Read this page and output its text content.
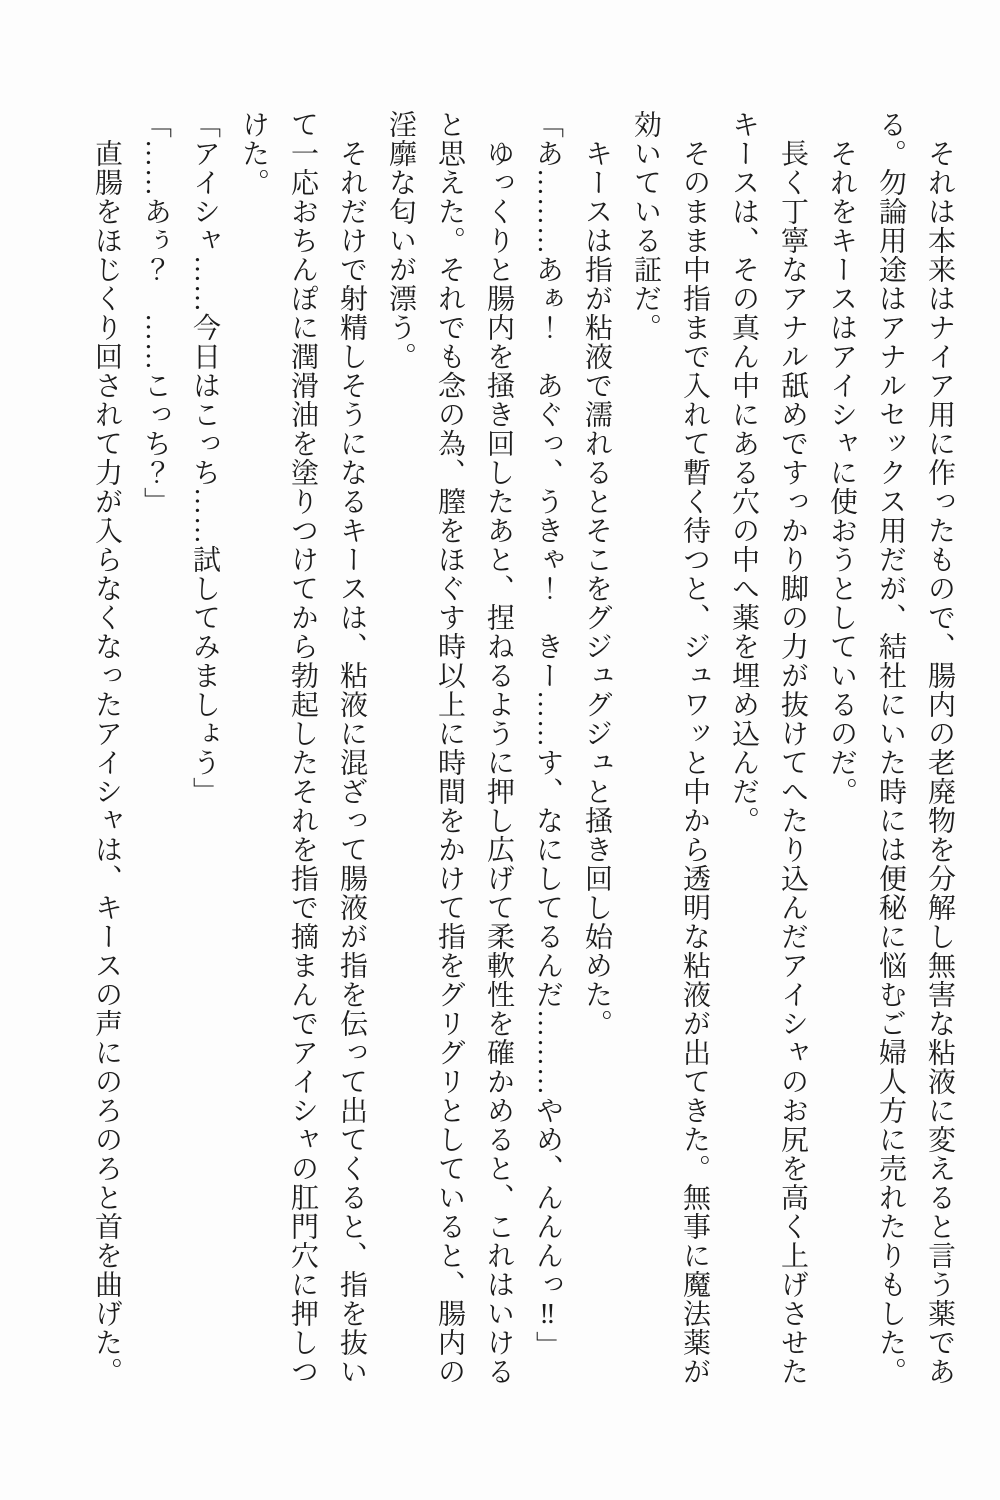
　それは本来はナイア用に作ったもので、腸内の老廃物を分解し無害な粘液に変えると言う薬であ
る。勿論用途はアナルセックス用だが、結社にいた時には便秘に悩むご婦人方に売れたりもした。
　それをキースはアイシャに使おうとしているのだ。
　長く丁寧なアナル舐めですっかり脚の力が抜けてへたり込んだアイシャのお尻を高く上げさせた
キースは、その真ん中にある穴の中へ薬を埋め込んだ。
　そのまま中指まで入れて暫く待つと、ジュワッと中から透明な粘液が出てきた。無事に魔法薬が
効いている証だ。
　キースは指が粘液で濡れるとそこをグジュグジュと掻き回し始めた。
「あ………あぁ！　あぐっ、うきゃ！　きー……す、なにしてるんだ………やめ、んんんっ‼」
　ゆっくりと腸内を掻き回したあと、捏ねるように押し広げて柔軟性を確かめると、これはいける
と思えた。それでも念の為、膣をほぐす時以上に時間をかけて指をグリグリとしていると、腸内の
淫靡な匂いが漂う。
　それだけで射精しそうになるキースは、粘液に混ざって腸液が指を伝って出てくると、指を抜い
て一応おちんぽに潤滑油を塗りつけてから勃起したそれを指で摘まんでアイシャの肛門穴に押しつ
けた。
「アイシャ……今日はこっち……試してみましょう」
「……あぅ？　……こっち？」
　直腸をほじくり回されて力が入らなくなったアイシャは、キースの声にのろのろと首を曲げた。
